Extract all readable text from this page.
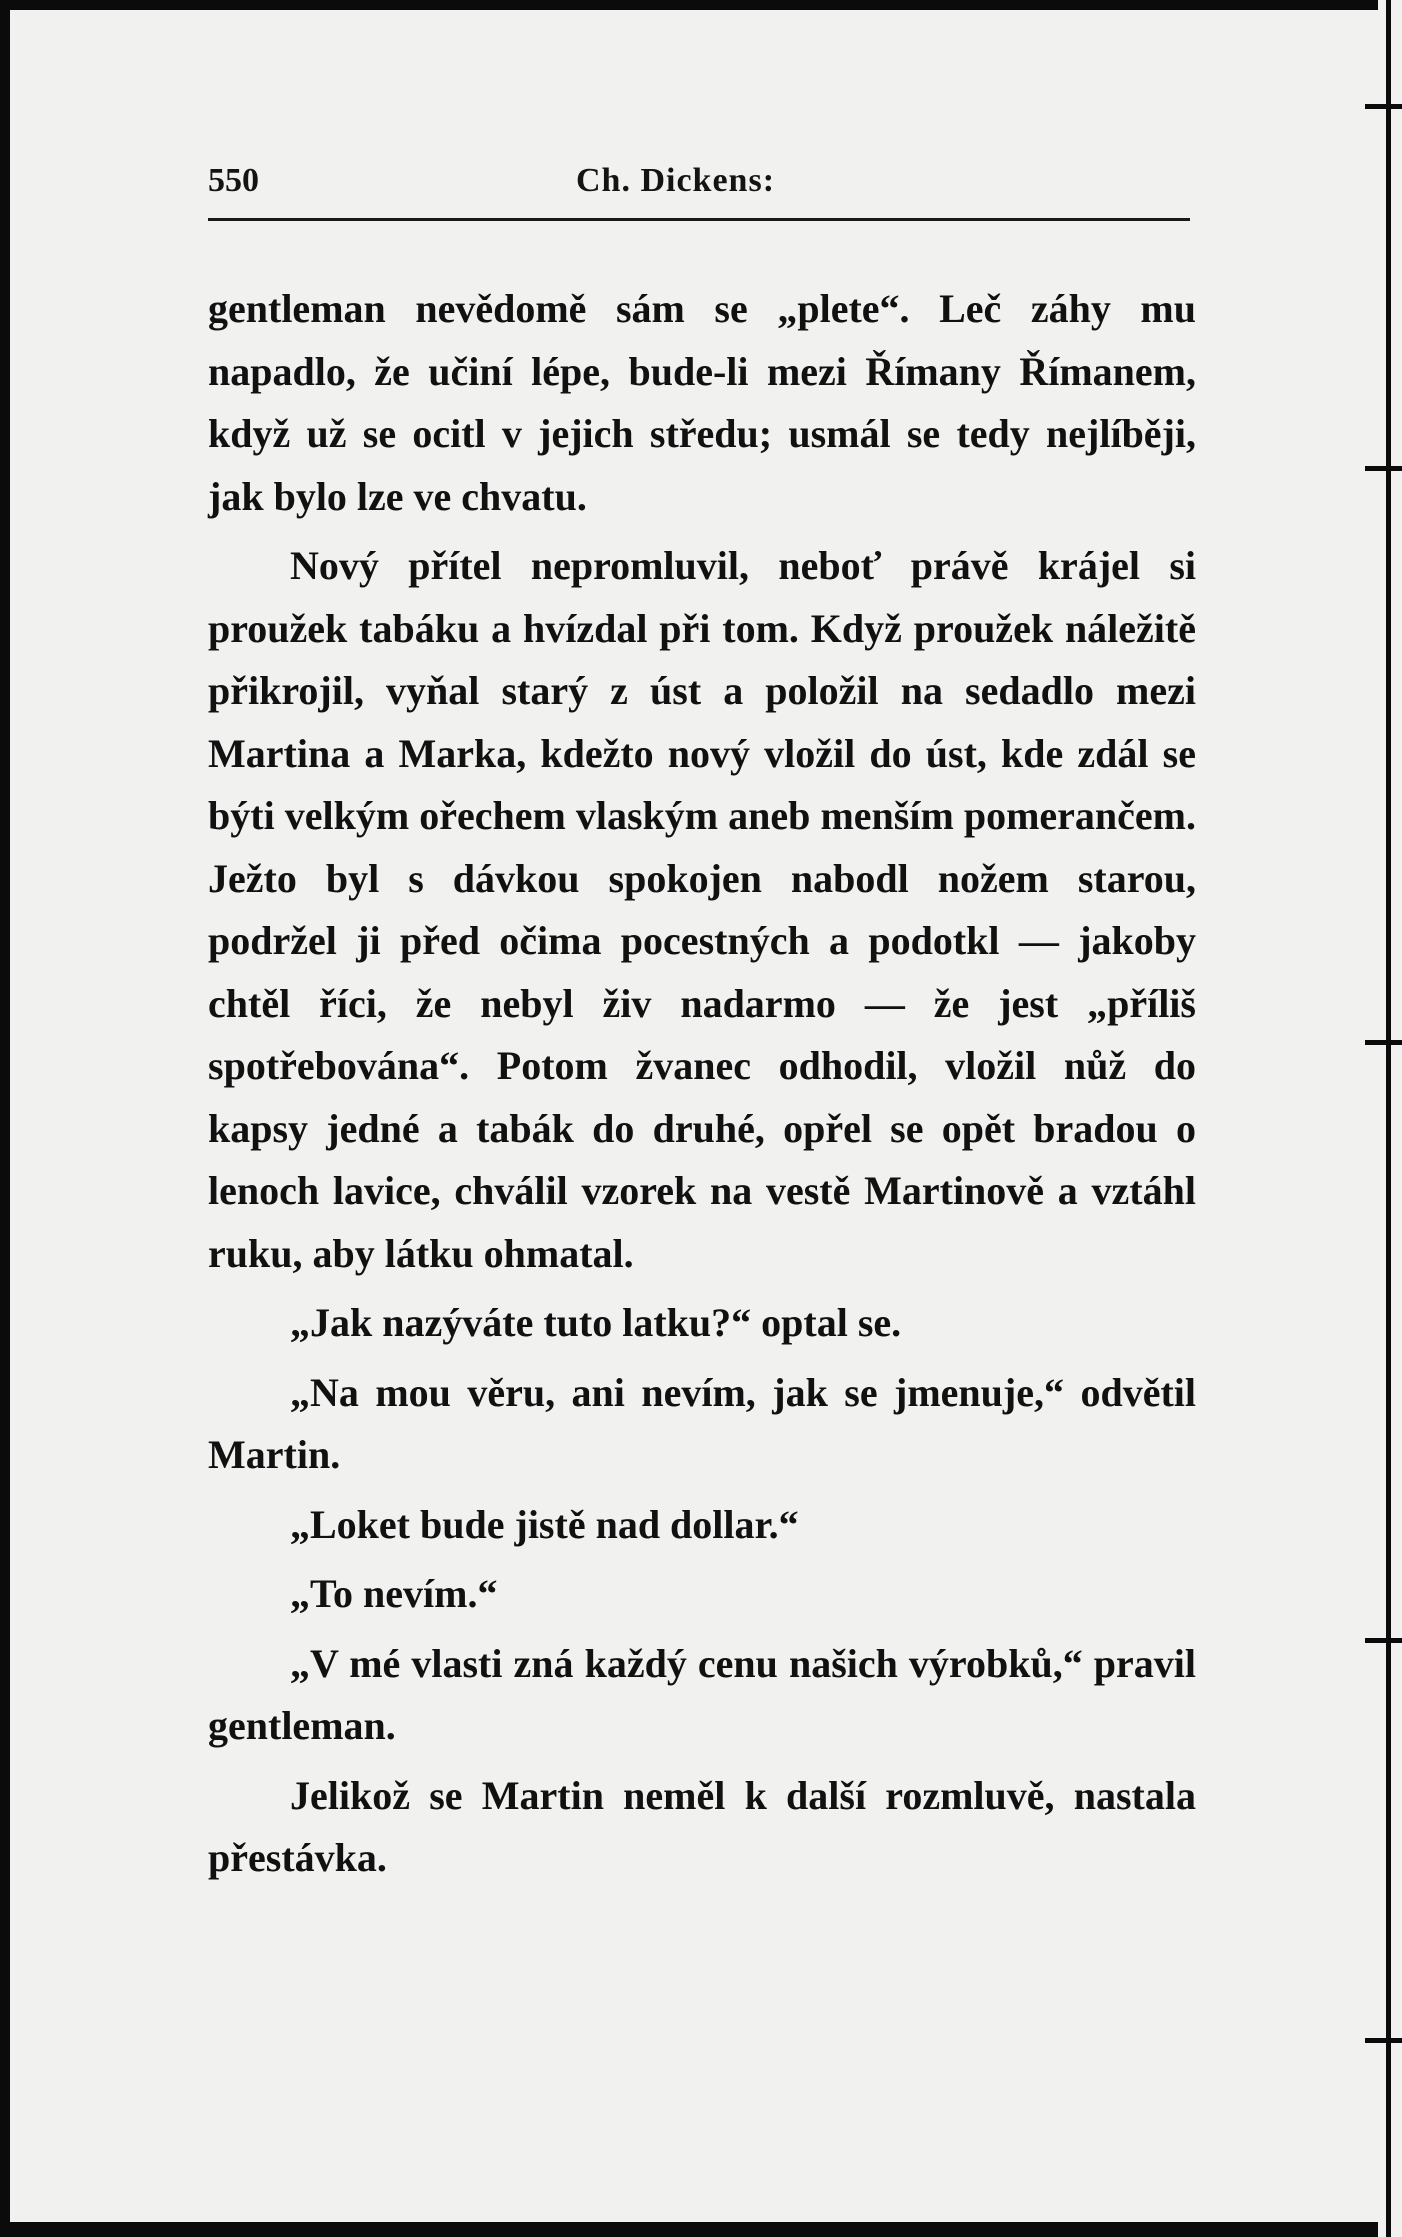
550	Ch. Dickens:

gentleman nevědomě sám se „plete“. Leč záhy mu napadlo, že učiní lépe, bude-li mezi Římany Římanem, když už se ocitl v jejich středu; usmál se tedy nejlíběji, jak bylo lze ve chvatu.

Nový přítel nepromluvil, neboť právě krájel si proužek tabáku a hvízdal při tom. Když proužek náležitě přikrojil, vyňal starý z úst a položil na sedadlo mezi Martina a Marka, kdežto nový vložil do úst, kde zdál se býti velkým ořechem vlaským aneb menším pomerančem. Ježto byl s dávkou spokojen nabodl nožem starou, podržel ji před očima pocestných a podotkl — jakoby chtěl říci, že nebyl živ nadarmo — že jest „příliš spotřebována“. Potom žvanec odhodil, vložil nůž do kapsy jedné a tabák do druhé, opřel se opět bradou o lenoch lavice, chválil vzorek na vestě Martinově a vztáhl ruku, aby látku ohmatal.

„Jak nazýváte tuto latku?“ optal se.

„Na mou věru, ani nevím, jak se jmenuje,“ odvětil Martin.

„Loket bude jistě nad dollar.“

„To nevím.“

„V mé vlasti zná každý cenu našich výrobků,“ pravil gentleman.

Jelikož se Martin neměl k další rozmluvě, nastala přestávka.
